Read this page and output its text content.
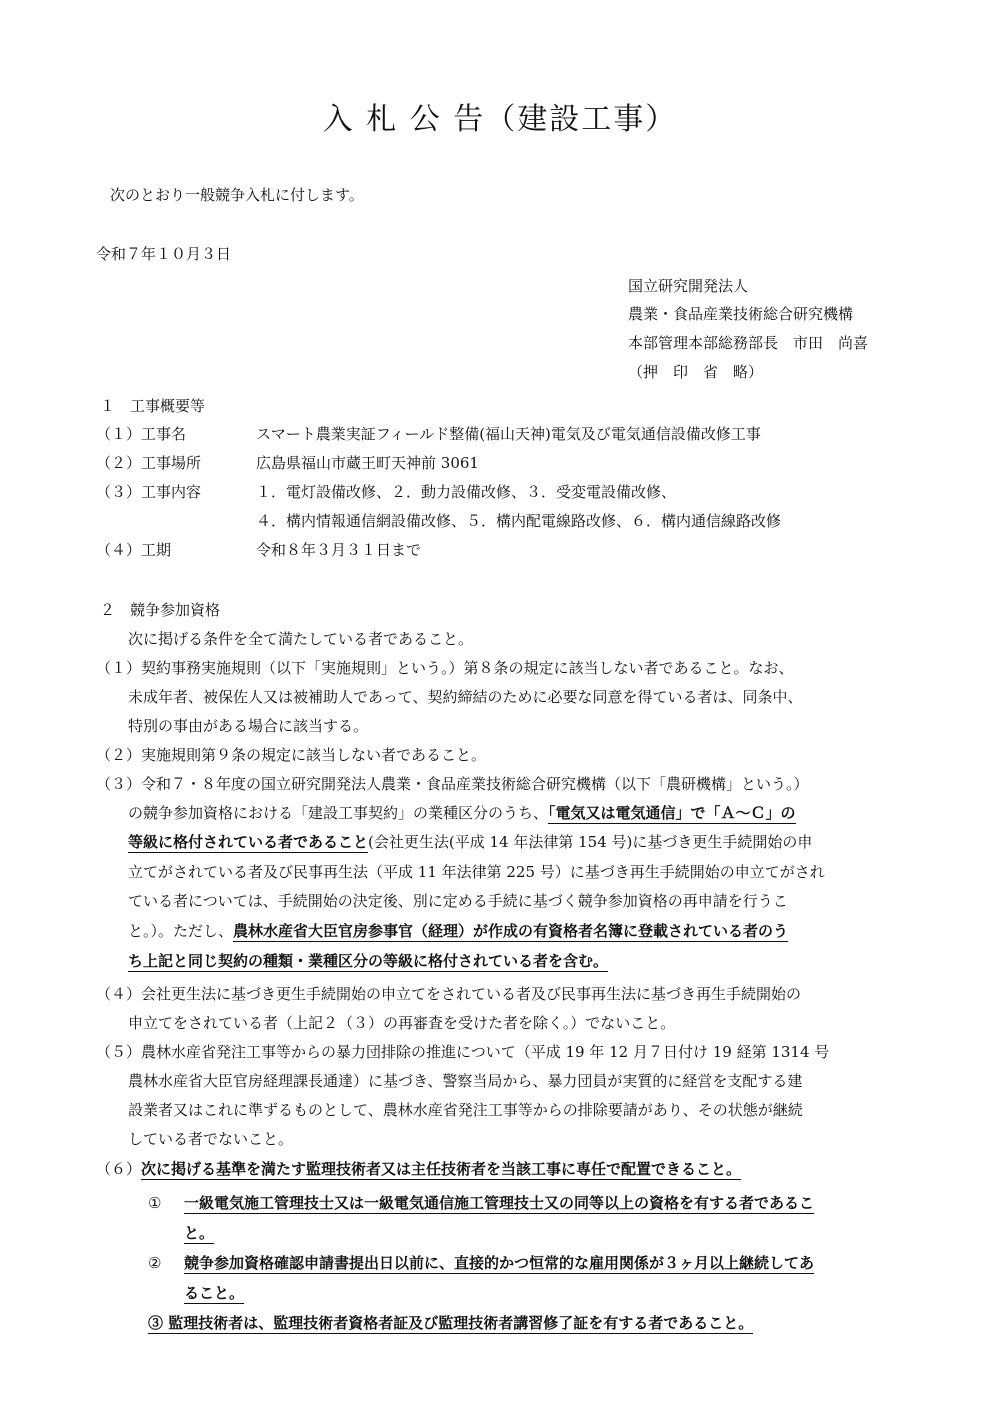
入 札 公 告（建設工事）
次のとおり一般競争入札に付します。
令和７年１０月３日
国立研究開発法人
農業・食品産業技術総合研究機構
本部管理本部総務部長　市田　尚喜
（押　印　省　略）
１　工事概要等
（１）工事名	スマート農業実証フィールド整備(福山天神)電気及び電気通信設備改修工事
（２）工事場所	広島県福山市蔵王町天神前 3061
（３）工事内容	１．電灯設備改修、２．動力設備改修、３．受変電設備改修、
４．構内情報通信網設備改修、５．構内配電線路改修、６．構内通信線路改修
（４）工期	令和８年３月３１日まで
２　競争参加資格
次に掲げる条件を全て満たしている者であること。
（１）契約事務実施規則（以下「実施規則」という。）第８条の規定に該当しない者であること。なお、
未成年者、被保佐人又は被補助人であって、契約締結のために必要な同意を得ている者は、同条中、
特別の事由がある場合に該当する。
（２）実施規則第９条の規定に該当しない者であること。
（３）令和７・８年度の国立研究開発法人農業・食品産業技術総合研究機構（以下「農研機構」という。）
の競争参加資格における「建設工事契約」の業種区分のうち、「電気又は電気通信」で「Ａ～Ｃ」の
等級に格付されている者であること(会社更生法(平成 14 年法律第 154 号)に基づき更生手続開始の申
立てがされている者及び民事再生法（平成 11 年法律第 225 号）に基づき再生手続開始の申立てがされ
ている者については、手続開始の決定後、別に定める手続に基づく競争参加資格の再申請を行うこ
と。）。ただし、農林水産省大臣官房参事官（経理）が作成の有資格者名簿に登載されている者のう
ち上記と同じ契約の種類・業種区分の等級に格付されている者を含む。
（４）会社更生法に基づき更生手続開始の申立てをされている者及び民事再生法に基づき再生手続開始の
申立てをされている者（上記２（３）の再審査を受けた者を除く。）でないこと。
（５）農林水産省発注工事等からの暴力団排除の推進について（平成 19 年 12 月７日付け 19 経第 1314 号
農林水産省大臣官房経理課長通達）に基づき、警察当局から、暴力団員が実質的に経営を支配する建
設業者又はこれに準ずるものとして、農林水産省発注工事等からの排除要請があり、その状態が継続
している者でないこと。
（６）次に掲げる基準を満たす監理技術者又は主任技術者を当該工事に専任で配置できること。
① 一級電気施工管理技士又は一級電気通信施工管理技士又の同等以上の資格を有する者であるこ
と。
② 競争参加資格確認申請書提出日以前に、直接的かつ恒常的な雇用関係が３ヶ月以上継続してあ
ること。
③ 監理技術者は、監理技術者資格者証及び監理技術者講習修了証を有する者であること。
